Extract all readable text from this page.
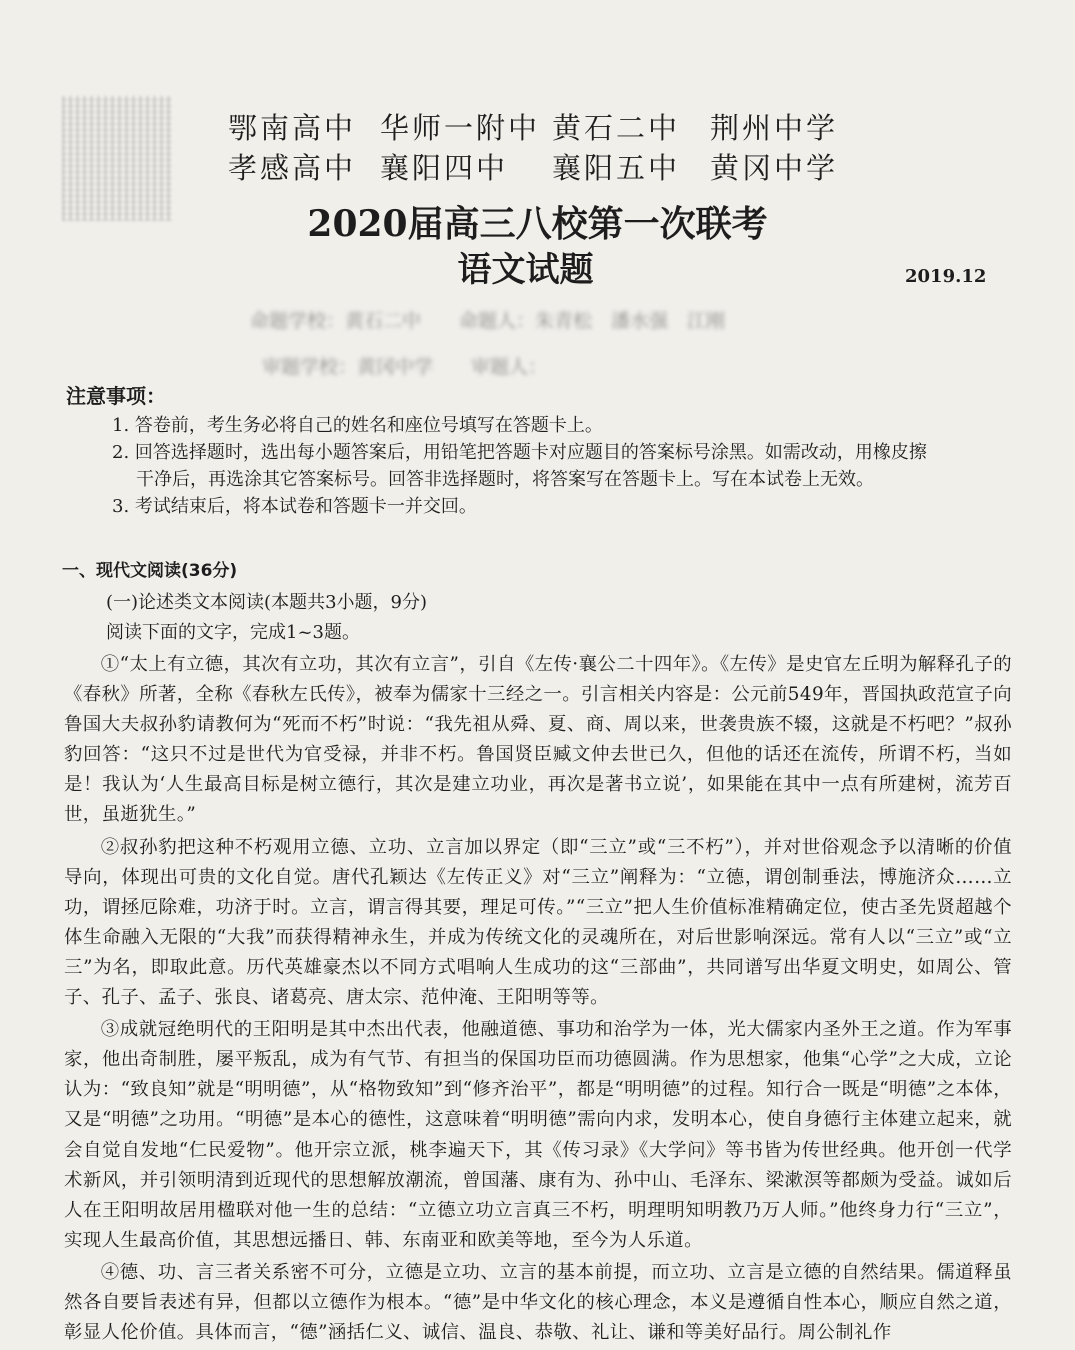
鄂南高中 华师一附中 黄石二中 荆州中学
孝感高中 襄阳四中 襄阳五中 黄冈中学
2020届高三八校第一次联考
语文试题	2019.12
命题学校：黄石二中　　命题人：朱青松　潘水强　江刚
审题学校：黄冈中学　　审题人：
注意事项：

1. 答卷前，考生务必将自己的姓名和座位号填写在答题卡上。

2. 回答选择题时，选出每小题答案后，用铅笔把答题卡对应题目的答案标号涂黑。如需改动，用橡皮擦

干净后，再选涂其它答案标号。回答非选择题时，将答案写在答题卡上。写在本试卷上无效。

3. 考试结束后，将本试卷和答题卡一并交回。

一、现代文阅读(36分)
(一)论述类文本阅读(本题共3小题，9分)
阅读下面的文字，完成1~3题。

①“太上有立德，其次有立功，其次有立言”，引自《左传·襄公二十四年》。《左传》是史官左丘明为解释孔子的《春秋》所著，全称《春秋左氏传》，被奉为儒家十三经之一。引言相关内容是：公元前549年，晋国执政范宣子向鲁国大夫叔孙豹请教何为“死而不朽”时说：“我先祖从舜、夏、商、周以来，世袭贵族不辍，这就是不朽吧？”叔孙豹回答：“这只不过是世代为官受禄，并非不朽。鲁国贤臣臧文仲去世已久，但他的话还在流传，所谓不朽，当如是！我认为‘人生最高目标是树立德行，其次是建立功业，再次是著书立说’，如果能在其中一点有所建树，流芳百世，虽逝犹生。”

②叔孙豹把这种不朽观用立德、立功、立言加以界定（即“三立”或“三不朽”），并对世俗观念予以清晰的价值导向，体现出可贵的文化自觉。唐代孔颖达《左传正义》对“三立”阐释为：“立德，谓创制垂法，博施济众……立功，谓拯厄除难，功济于时。立言，谓言得其要，理足可传。”“三立”把人生价值标准精确定位，使古圣先贤超越个体生命融入无限的“大我”而获得精神永生，并成为传统文化的灵魂所在，对后世影响深远。常有人以“三立”或“立三”为名，即取此意。历代英雄豪杰以不同方式唱响人生成功的这“三部曲”，共同谱写出华夏文明史，如周公、管子、孔子、孟子、张良、诸葛亮、唐太宗、范仲淹、王阳明等等。

③成就冠绝明代的王阳明是其中杰出代表，他融道德、事功和治学为一体，光大儒家内圣外王之道。作为军事家，他出奇制胜，屡平叛乱，成为有气节、有担当的保国功臣而功德圆满。作为思想家，他集“心学”之大成，立论认为：“致良知”就是“明明德”，从“格物致知”到“修齐治平”，都是“明明德”的过程。知行合一既是“明德”之本体，又是“明德”之功用。“明德”是本心的德性，这意味着“明明德”需向内求，发明本心，使自身德行主体建立起来，就会自觉自发地“仁民爱物”。他开宗立派，桃李遍天下，其《传习录》《大学问》等书皆为传世经典。他开创一代学术新风，并引领明清到近现代的思想解放潮流，曾国藩、康有为、孙中山、毛泽东、梁漱溟等都颇为受益。诚如后人在王阳明故居用楹联对他一生的总结：“立德立功立言真三不朽，明理明知明教乃万人师。”他终身力行“三立”，实现人生最高价值，其思想远播日、韩、东南亚和欧美等地，至今为人乐道。

④德、功、言三者关系密不可分，立德是立功、立言的基本前提，而立功、立言是立德的自然结果。儒道释虽然各自要旨表述有异，但都以立德作为根本。“德”是中华文化的核心理念，本义是遵循自性本心，顺应自然之道，彰显人伦价值。具体而言，“德”涵括仁义、诚信、温良、恭敬、礼让、谦和等美好品行。周公制礼作
